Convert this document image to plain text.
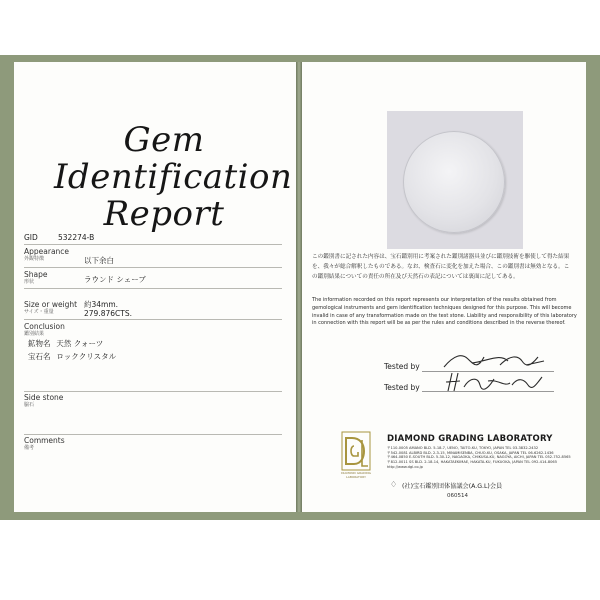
Gem
Identification
Report
GID	532274-B
Appearance
外観特徴	以下余白
Shape
形状	ラウンド シェーブ
Size or weight
サイズ・重量
約34mm.
279.876CTS.
Conclusion
鑑別結果
鉱物名 天然 クォーツ
宝石名 ロッククリスタル
Side stone
脇石
Comments
備考
この鑑別書に記された内容は、宝石鑑別用に考案された鑑別諸器具並びに鑑別技術を駆使して得た結果を、我々が総合解釈したものである。なお、検査石に変化を加えた場合、この鑑別書は無効となる。この鑑別結果についての責任の所在及び天然石の表記については裏面に記してある。
The information recorded on this report represents our interpretation of the results obtained from gemological instruments and gem identification techniques designed for this purpose. This will become invalid in case of any transformation made on the test stone. Liability and responsibility of this laboratory in connection with this report will be as per the rules and conditions described in the reverse thereof.
Tested by
Tested by
DIAMOND GRADING LABORATORY
DIAMOND GRADING LABORATORY
〒110-0005 AMANO BLD. 5-18-7, UENO, TAITO-KU, TOKYO, JAPAN TEL 03-3832-2432
〒542-0081 ALBIRD BLD. 2-3-15, MINAMISENBA, CHUO-KU, OSAKA, JAPAN TEL 06-6262-1436
〒464-0850 E-SOUTH BLD. 5-30-12, NAGAOKA, CHIKUSA-KU, NAGOYA, AICHI, JAPAN TEL 052-752-8565
〒812-0011 SS BLD. 2-18-14, HAKATAEKIMAE, HAKATA-KU, FUKUOKA, JAPAN TEL 092-414-8065
http://www.dgl.co.jp
♢ (社)宝石鑑別団体協議会(A.G.L)会員
060514
